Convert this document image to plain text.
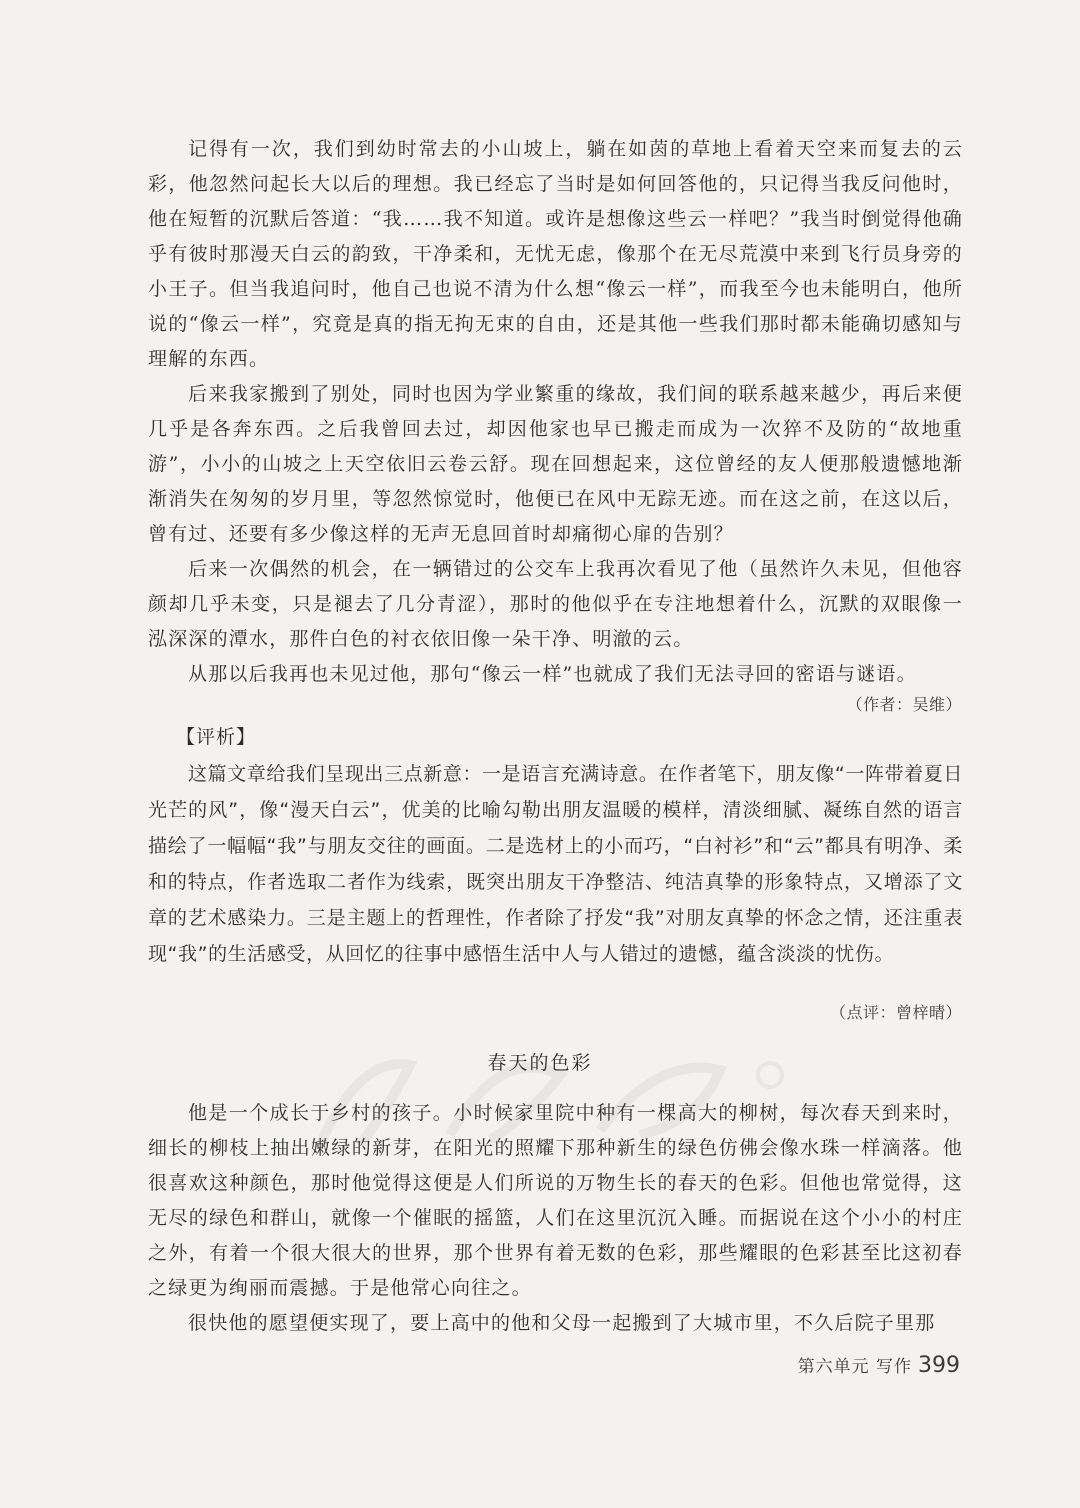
记得有一次，我们到幼时常去的小山坡上，躺在如茵的草地上看着天空来而复去的云彩，他忽然问起长大以后的理想。我已经忘了当时是如何回答他的，只记得当我反问他时，他在短暂的沉默后答道：“我……我不知道。或许是想像这些云一样吧？”我当时倒觉得他确乎有彼时那漫天白云的韵致，干净柔和，无忧无虑，像那个在无尽荒漠中来到飞行员身旁的小王子。但当我追问时，他自己也说不清为什么想“像云一样”，而我至今也未能明白，他所说的“像云一样”，究竟是真的指无拘无束的自由，还是其他一些我们那时都未能确切感知与理解的东西。

后来我家搬到了别处，同时也因为学业繁重的缘故，我们间的联系越来越少，再后来便几乎是各奔东西。之后我曾回去过，却因他家也早已搬走而成为一次猝不及防的“故地重游”，小小的山坡之上天空依旧云卷云舒。现在回想起来，这位曾经的友人便那般遗憾地渐渐消失在匆匆的岁月里，等忽然惊觉时，他便已在风中无踪无迹。而在这之前，在这以后，曾有过、还要有多少像这样的无声无息回首时却痛彻心扉的告别？

后来一次偶然的机会，在一辆错过的公交车上我再次看见了他（虽然许久未见，但他容颜却几乎未变，只是褪去了几分青涩），那时的他似乎在专注地想着什么，沉默的双眼像一泓深深的潭水，那件白色的衬衣依旧像一朵干净、明澈的云。

从那以后我再也未见过他，那句“像云一样”也就成了我们无法寻回的密语与谜语。

（作者：吴维）
【评析】

这篇文章给我们呈现出三点新意：一是语言充满诗意。在作者笔下，朋友像“一阵带着夏日光芒的风”，像“漫天白云”，优美的比喻勾勒出朋友温暖的模样，清淡细腻、凝练自然的语言描绘了一幅幅“我”与朋友交往的画面。二是选材上的小而巧，“白衬衫”和“云”都具有明净、柔和的特点，作者选取二者作为线索，既突出朋友干净整洁、纯洁真挚的形象特点，又增添了文章的艺术感染力。三是主题上的哲理性，作者除了抒发“我”对朋友真挚的怀念之情，还注重表现“我”的生活感受，从回忆的往事中感悟生活中人与人错过的遗憾，蕴含淡淡的忧伤。

（点评：曾梓晴）
春天的色彩

他是一个成长于乡村的孩子。小时候家里院中种有一棵高大的柳树，每次春天到来时，细长的柳枝上抽出嫩绿的新芽，在阳光的照耀下那种新生的绿色仿佛会像水珠一样滴落。他很喜欢这种颜色，那时他觉得这便是人们所说的万物生长的春天的色彩。但他也常觉得，这无尽的绿色和群山，就像一个催眠的摇篮，人们在这里沉沉入睡。而据说在这个小小的村庄之外，有着一个很大很大的世界，那个世界有着无数的色彩，那些耀眼的色彩甚至比这初春之绿更为绚丽而震撼。于是他常心向往之。

很快他的愿望便实现了，要上高中的他和父母一起搬到了大城市里，不久后院子里那

第六单元 写作 399
